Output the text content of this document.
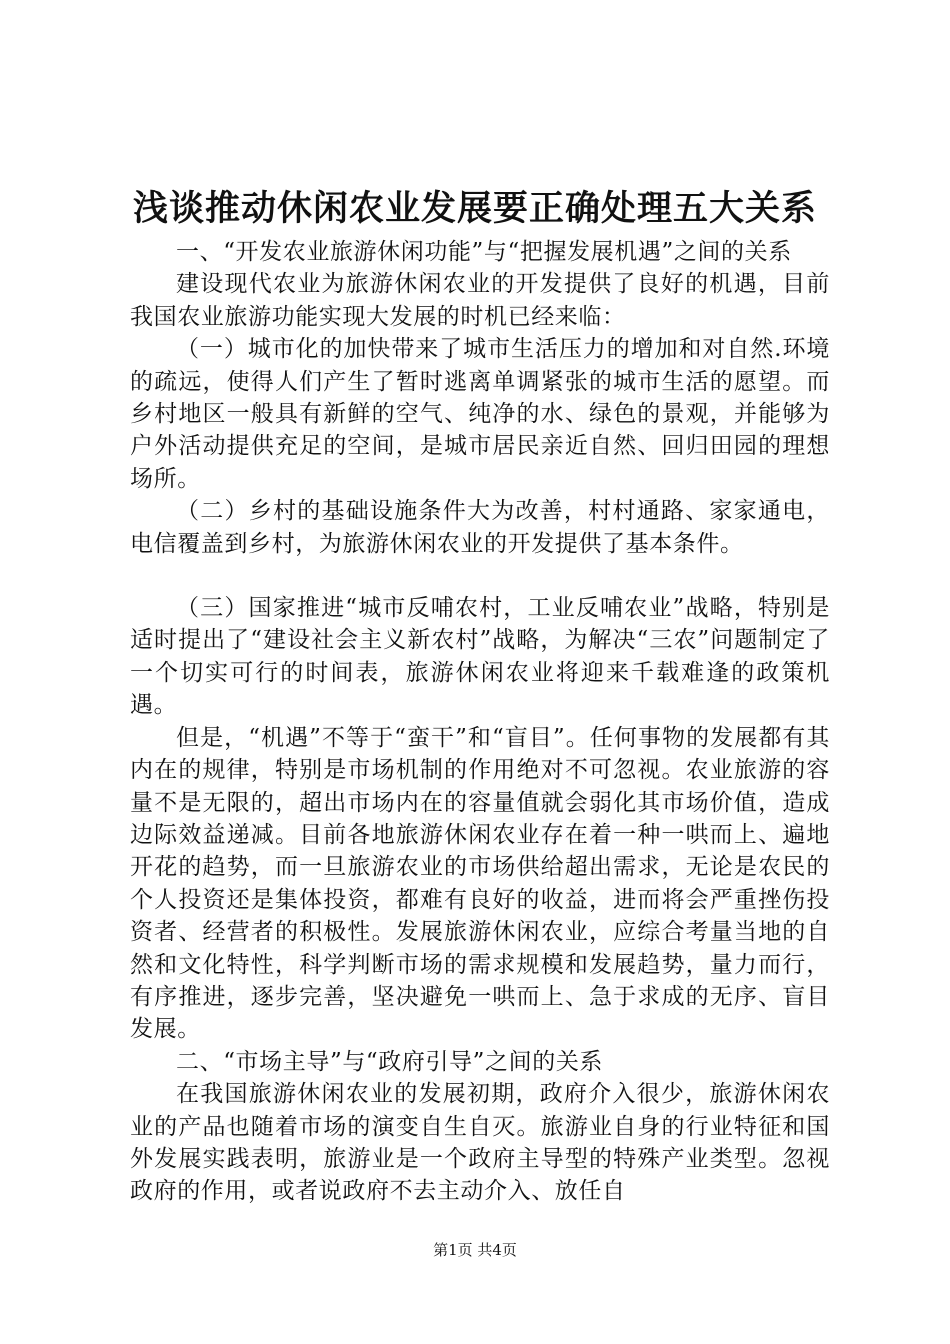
浅谈推动休闲农业发展要正确处理五大关系

一、“开发农业旅游休闲功能”与“把握发展机遇”之间的关系

建设现代农业为旅游休闲农业的开发提供了良好的机遇，目前我国农业旅游功能实现大发展的时机已经来临：

（一）城市化的加快带来了城市生活压力的增加和对自然.环境的疏远，使得人们产生了暂时逃离单调紧张的城市生活的愿望。而乡村地区一般具有新鲜的空气、纯净的水、绿色的景观，并能够为户外活动提供充足的空间，是城市居民亲近自然、回归田园的理想场所。

（二）乡村的基础设施条件大为改善，村村通路、家家通电，电信覆盖到乡村，为旅游休闲农业的开发提供了基本条件。

（三）国家推进“城市反哺农村，工业反哺农业”战略，特别是适时提出了“建设社会主义新农村”战略，为解决“三农”问题制定了一个切实可行的时间表，旅游休闲农业将迎来千载难逢的政策机遇。

但是，“机遇”不等于“蛮干”和“盲目”。任何事物的发展都有其内在的规律，特别是市场机制的作用绝对不可忽视。农业旅游的容量不是无限的，超出市场内在的容量值就会弱化其市场价值，造成边际效益递减。目前各地旅游休闲农业存在着一种一哄而上、遍地开花的趋势，而一旦旅游农业的市场供给超出需求，无论是农民的个人投资还是集体投资，都难有良好的收益，进而将会严重挫伤投资者、经营者的积极性。发展旅游休闲农业，应综合考量当地的自然和文化特性，科学判断市场的需求规模和发展趋势，量力而行，有序推进，逐步完善，坚决避免一哄而上、急于求成的无序、盲目发展。

二、“市场主导”与“政府引导”之间的关系

在我国旅游休闲农业的发展初期，政府介入很少，旅游休闲农业的产品也随着市场的演变自生自灭。旅游业自身的行业特征和国外发展实践表明，旅游业是一个政府主导型的特殊产业类型。忽视政府的作用，或者说政府不去主动介入、放任自

第1页 共4页
